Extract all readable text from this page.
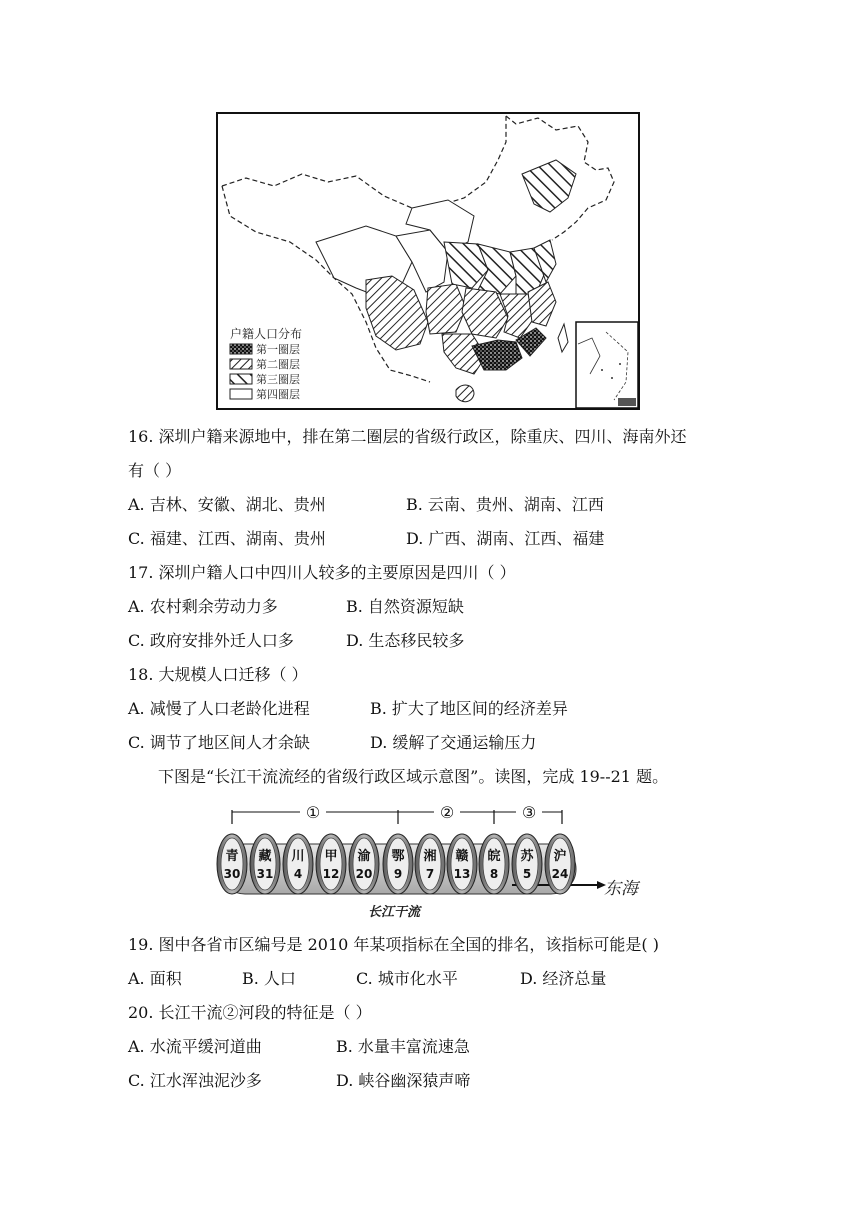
户籍人口分布
第一圈层
第二圈层
第三圈层
第四圈层
16. 深圳户籍来源地中，排在第二圈层的省级行政区，除重庆、四川、海南外还
有（ ）
A. 吉林、安徽、湖北、贵州	B. 云南、贵州、湖南、江西
C. 福建、江西、湖南、贵州	D. 广西、湖南、江西、福建
17. 深圳户籍人口中四川人较多的主要原因是四川（ ）
A. 农村剩余劳动力多	B. 自然资源短缺
C. 政府安排外迁人口多	D. 生态移民较多
18. 大规模人口迁移（ ）
A. 减慢了人口老龄化进程	B. 扩大了地区间的经济差异
C. 调节了地区间人才余缺	D. 缓解了交通运输压力
下图是“长江干流流经的省级行政区域示意图”。读图，完成 19--21 题。
①	②	③
青
30
藏
31
川
4
甲
12
渝
20
鄂
9
湘
7
赣
13
皖
8
苏
5
沪
24
东海
长江干流
19. 图中各省市区编号是 2010 年某项指标在全国的排名，该指标可能是( )
A. 面积	B. 人口	C. 城市化水平	D. 经济总量
20. 长江干流②河段的特征是（ ）
A. 水流平缓河道曲	B. 水量丰富流速急
C. 江水浑浊泥沙多	D. 峡谷幽深猿声啼
